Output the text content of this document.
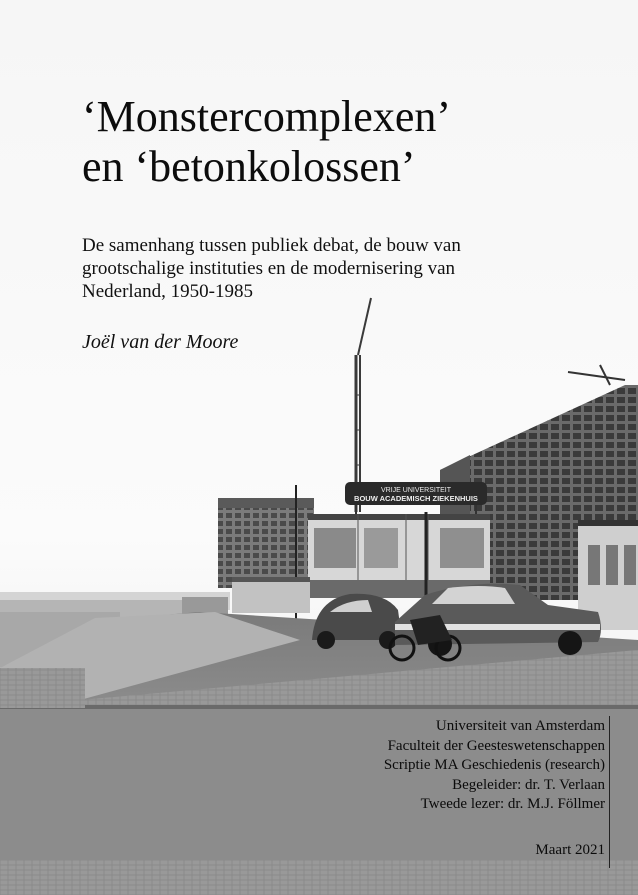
VRIJE UNIVERSITEIT
BOUW ACADEMISCH ZIEKENHUIS
‘Monstercomplexen’
en ‘betonkolossen’
De samenhang tussen publiek debat, de bouw van
grootschalige instituties en de modernisering van
Nederland, 1950-1985
Joël van der Moore
Universiteit van Amsterdam
Faculteit der Geesteswetenschappen
Scriptie MA Geschiedenis (research)
Begeleider: dr. T. Verlaan
Tweede lezer: dr. M.J. Föllmer
Maart 2021
